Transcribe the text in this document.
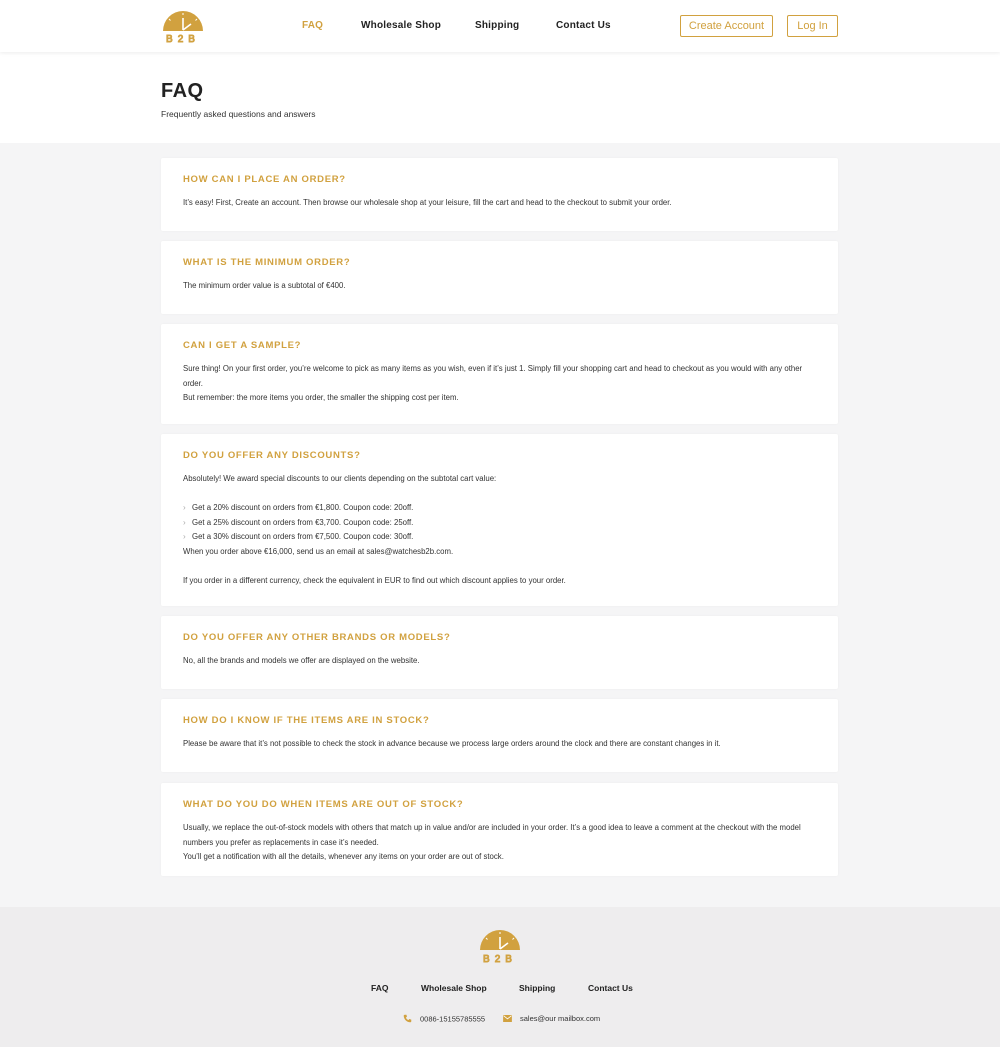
B2B
FAQ	Wholesale Shop	Shipping	Contact Us	Create Account	Log In
FAQ
Frequently asked questions and answers
HOW CAN I PLACE AN ORDER?

It’s easy! First, Create an account. Then browse our wholesale shop at your leisure, fill the cart and head to the checkout to submit your order.

WHAT IS THE MINIMUM ORDER?

The minimum order value is a subtotal of €400.

CAN I GET A SAMPLE?

Sure thing! On your first order, you’re welcome to pick as many items as you wish, even if it’s just 1. Simply fill your shopping cart and head to checkout as you would with any other order.

But remember: the more items you order, the smaller the shipping cost per item.

DO YOU OFFER ANY DISCOUNTS?

Absolutely! We award special discounts to our clients depending on the subtotal cart value:

› Get a 20% discount on orders from €1,800. Coupon code: 20off.
› Get a 25% discount on orders from €3,700. Coupon code: 25off.
› Get a 30% discount on orders from €7,500. Coupon code: 30off.

When you order above €16,000, send us an email at sales@watchesb2b.com.

If you order in a different currency, check the equivalent in EUR to find out which discount applies to your order.

DO YOU OFFER ANY OTHER BRANDS OR MODELS?

No, all the brands and models we offer are displayed on the website.

HOW DO I KNOW IF THE ITEMS ARE IN STOCK?

Please be aware that it’s not possible to check the stock in advance because we process large orders around the clock and there are constant changes in it.

WHAT DO YOU DO WHEN ITEMS ARE OUT OF STOCK?

Usually, we replace the out-of-stock models with others that match up in value and/or are included in your order. It’s a good idea to leave a comment at the checkout with the model numbers you prefer as replacements in case it’s needed.

You’ll get a notification with all the details, whenever any items on your order are out of stock.

B2B
FAQ	Wholesale Shop	Shipping	Contact Us
0086-15155785555	sales@our mailbox.com
